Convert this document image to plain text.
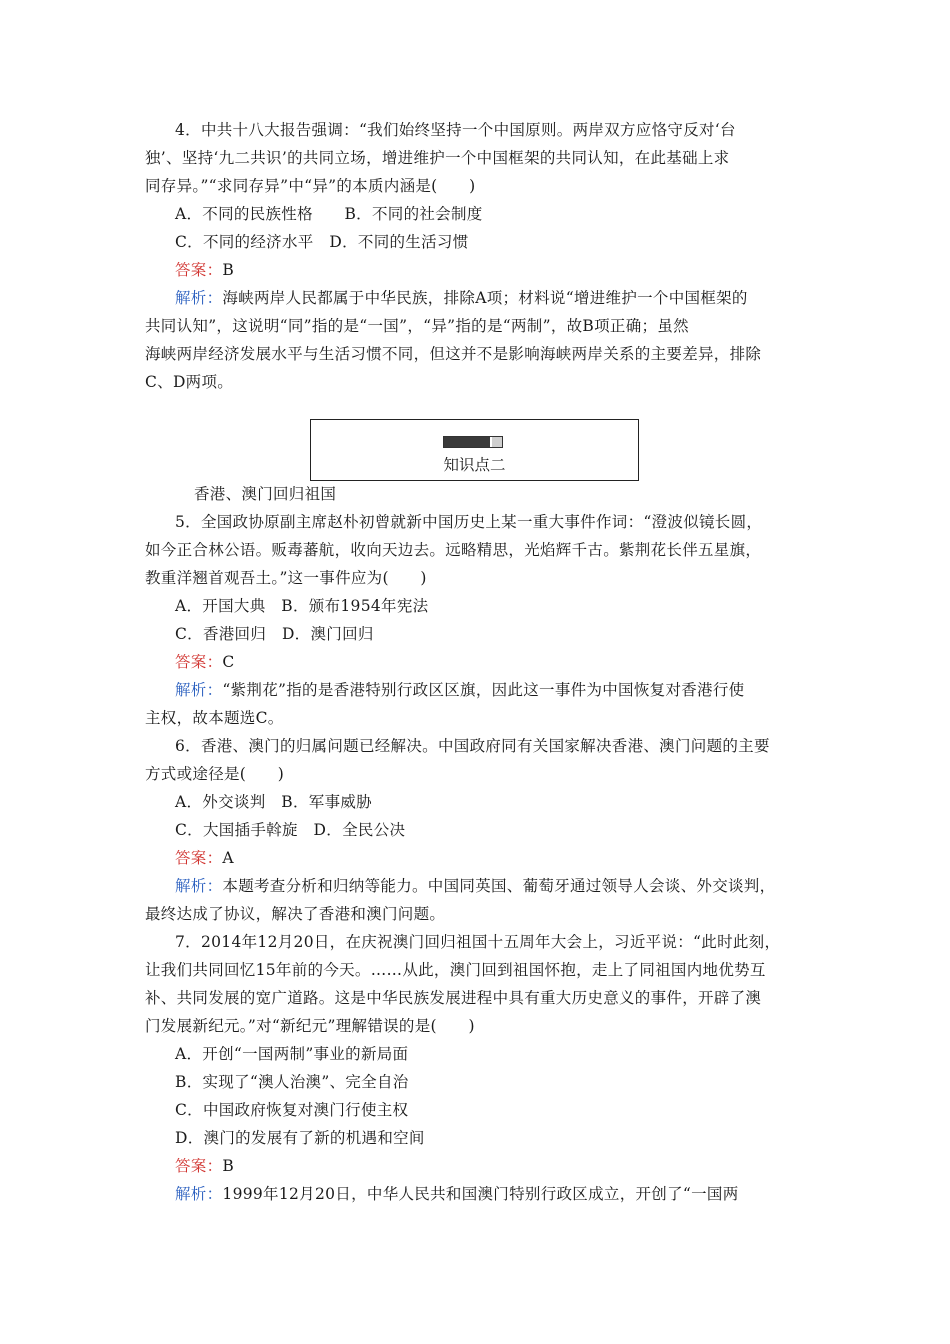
4．中共十八大报告强调：“我们始终坚持一个中国原则。两岸双方应恪守反对‘台
独’、坚持‘九二共识’的共同立场，增进维护一个中国框架的共同认知，在此基础上求
同存异。”“求同存异”中“异”的本质内涵是(　　)
A．不同的民族性格　　B．不同的社会制度
C．不同的经济水平　D．不同的生活习惯
答案：B
解析：海峡两岸人民都属于中华民族，排除A项；材料说“增进维护一个中国框架的
共同认知”，这说明“同”指的是“一国”，“异”指的是“两制”，故B项正确；虽然
海峡两岸经济发展水平与生活习惯不同，但这并不是影响海峡两岸关系的主要差异，排除
C、D两项。
知识点二
香港、澳门回归祖国
5．全国政协原副主席赵朴初曾就新中国历史上某一重大事件作词：“澄波似镜长圆，
如今正合林公语。贩毒蕃航，收向天边去。远略精思，光焰辉千古。紫荆花长伴五星旗，
教重洋翘首观吾土。”这一事件应为(　　)
A．开国大典　B．颁布1954年宪法
C．香港回归　D．澳门回归
答案：C
解析：“紫荆花”指的是香港特别行政区区旗，因此这一事件为中国恢复对香港行使
主权，故本题选C。
6．香港、澳门的归属问题已经解决。中国政府同有关国家解决香港、澳门问题的主要
方式或途径是(　　)
A．外交谈判　B．军事威胁
C．大国插手斡旋　D．全民公决
答案：A
解析：本题考查分析和归纳等能力。中国同英国、葡萄牙通过领导人会谈、外交谈判，
最终达成了协议，解决了香港和澳门问题。
7．2014年12月20日，在庆祝澳门回归祖国十五周年大会上，习近平说：“此时此刻，
让我们共同回忆15年前的今天。……从此，澳门回到祖国怀抱，走上了同祖国内地优势互
补、共同发展的宽广道路。这是中华民族发展进程中具有重大历史意义的事件，开辟了澳
门发展新纪元。”对“新纪元”理解错误的是(　　)
A．开创“一国两制”事业的新局面
B．实现了“澳人治澳”、完全自治
C．中国政府恢复对澳门行使主权
D．澳门的发展有了新的机遇和空间
答案：B
解析：1999年12月20日，中华人民共和国澳门特别行政区成立，开创了“一国两
